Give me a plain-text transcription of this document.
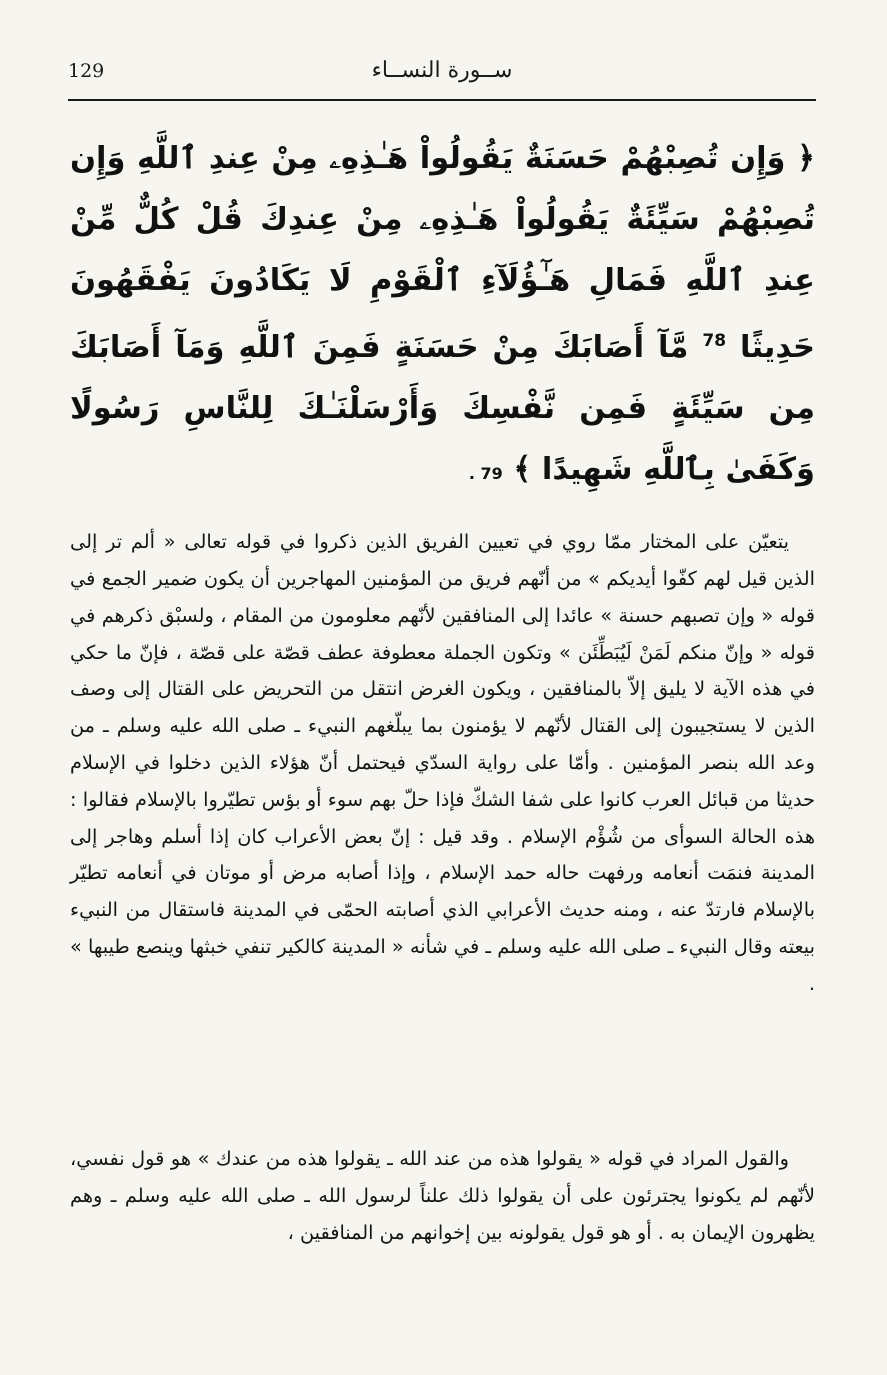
129	ســورة النســاء
﴿ وَإِن تُصِبْهُمْ حَسَنَةٌ يَقُولُواْ هَـٰذِهِۦ مِنْ عِندِ ٱللَّهِ وَإِن تُصِبْهُمْ سَيِّئَةٌ يَقُولُواْ هَـٰذِهِۦ مِنْ عِندِكَ قُلْ كُلٌّ مِّنْ عِندِ ٱللَّهِ فَمَالِ هَـٰٓؤُلَآءِ ٱلْقَوْمِ لَا يَكَادُونَ يَفْقَهُونَ حَدِيثًا $^{78}$ مَّآ أَصَابَكَ مِنْ حَسَنَةٍ فَمِنَ ٱللَّهِ وَمَآ أَصَابَكَ مِن سَيِّئَةٍ فَمِن نَّفْسِكَ وَأَرْسَلْنَـٰكَ لِلنَّاسِ رَسُولًا وَكَفَىٰ بِٱللَّهِ شَهِيدًا ﴾ 79 .

يتعيّن على المختار ممّا روي في تعيين الفريق الذين ذكروا في قوله تعالى « ألم تر إلى الذين قيل لهم كفّوا أيديكم » من أنّهم فريق من المؤمنين المهاجرين أن يكون ضمير الجمع في قوله « وإن تصبهم حسنة » عائدا إلى المنافقين لأنّهم معلومون من المقام ، ولسبْق ذكرهم في قوله « وإنّ منكم لَمَنْ لَيُبَطِّئَن » وتكون الجملة معطوفة عطف قصّة على قصّة ، فإنّ ما حكي في هذه الآية لا يليق إلاّ بالمنافقين ، ويكون الغرض انتقل من التحريض على القتال إلى وصف الذين لا يستجيبون إلى القتال لأنّهم لا يؤمنون بما يبلّغهم النبيء ـ صلى الله عليه وسلم ـ من وعد الله بنصر المؤمنين . وأمّا على رواية السدّي فيحتمل أنّ هؤلاء الذين دخلوا في الإسلام حديثا من قبائل العرب كانوا على شفا الشكّ فإذا حلّ بهم سوء أو بؤس تطيّروا بالإسلام فقالوا : هذه الحالة السوأى من شُؤْم الإسلام . وقد قيل : إنّ بعض الأعراب كان إذا أسلم وهاجر إلى المدينة فنمَت أنعامه ورفهت حاله حمد الإسلام ، وإذا أصابه مرض أو موتان في أنعامه تطيّر بالإسلام فارتدّ عنه ، ومنه حديث الأعرابي الذي أصابته الحمّى في المدينة فاستقال من النبيء بيعته وقال النبيء ـ صلى الله عليه وسلم ـ في شأنه « المدينة كالكير تنفي خبثها وينصع طيبها » .

والقول المراد في قوله « يقولوا هذه من عند الله ـ يقولوا هذه من عندك » هو قول نفسي، لأنّهم لم يكونوا يجترئون على أن يقولوا ذلك علناً لرسول الله ـ صلى الله عليه وسلم ـ وهم يظهرون الإيمان به . أو هو قول يقولونه بين إخوانهم من المنافقين ،
